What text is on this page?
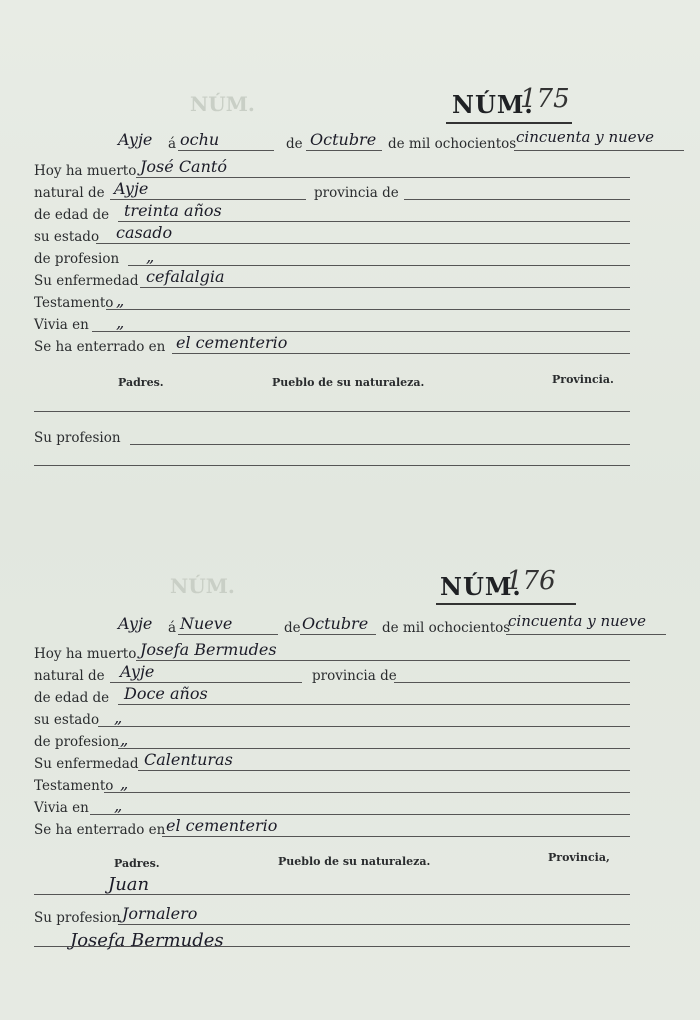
NÚM.
NÚM.
NÚM.
175
Ayje á ochu	de Octubre de mil ochocientos cincuenta y nueve
Hoy ha muerto José Cantó
natural de Ayje	provincia de
de edad de treinta años
su estado casado
de profesion „
Su enfermedad cefalalgia
Testamento „
Vivia en „
Se ha enterrado en el cementerio
Padres.	Pueblo de su naturaleza.	Provincia.
Su profesion
NÚM.
176
Ayje á Nueve	de Octubre de mil ochocientos
cincuenta y nueve
Hoy ha muerto Josefa Bermudes
natural de Ayje	provincia de
de edad de Doce años
su estado „
de profesion „
Su enfermedad Calenturas
Testamento „
Vivia en „
Se ha enterrado en el cementerio
Padres.	Pueblo de su naturaleza.	Provincia,
Juan
Su profesion Jornalero
Josefa Bermudes
